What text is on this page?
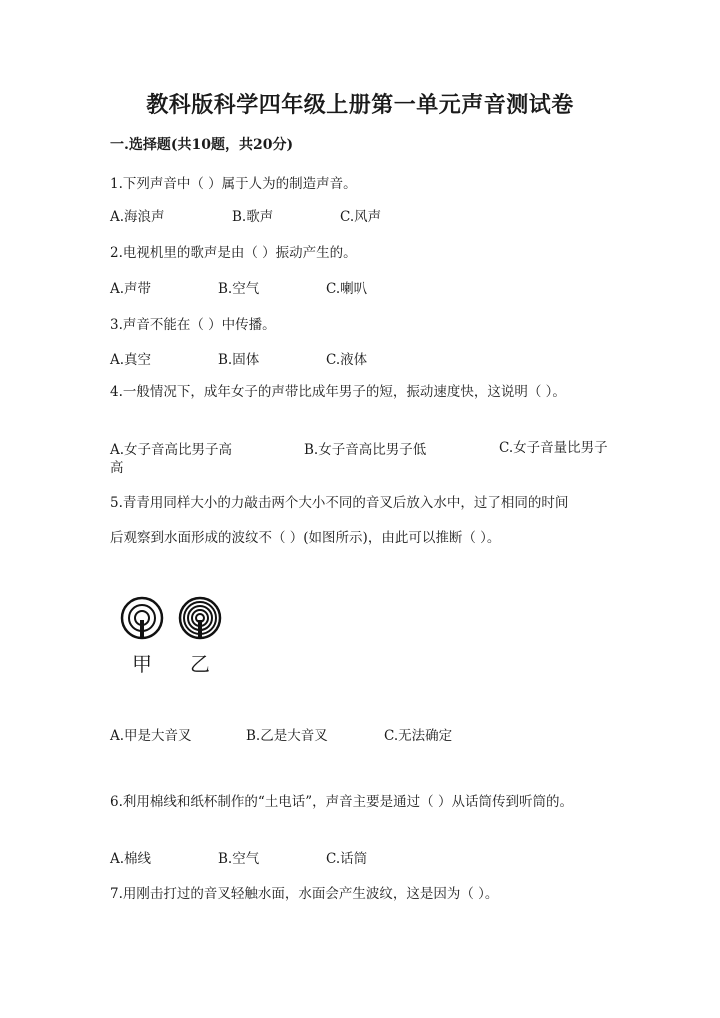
教科版科学四年级上册第一单元声音测试卷
一.选择题(共10题，共20分)
1.下列声音中（ ）属于人为的制造声音。
A.海浪声	B.歌声	C.风声
2.电视机里的歌声是由（ ）振动产生的。
A.声带	B.空气	C.喇叭
3.声音不能在（ ）中传播。
A.真空	B.固体	C.液体
4.一般情况下，成年女子的声带比成年男子的短，振动速度快，这说明（ ）。
A.女子音高比男子高	B.女子音高比男子低	C.女子音量比男子高
5.青青用同样大小的力敲击两个大小不同的音叉后放入水中，过了相同的时间
后观察到水面形成的波纹不（ ）(如图所示)，由此可以推断（ ）。
甲 乙
A.甲是大音叉	B.乙是大音叉	C.无法确定
6.利用棉线和纸杯制作的“土电话”，声音主要是通过（ ）从话筒传到听筒的。
A.棉线	B.空气	C.话筒
7.用刚击打过的音叉轻触水面，水面会产生波纹，这是因为（ ）。
